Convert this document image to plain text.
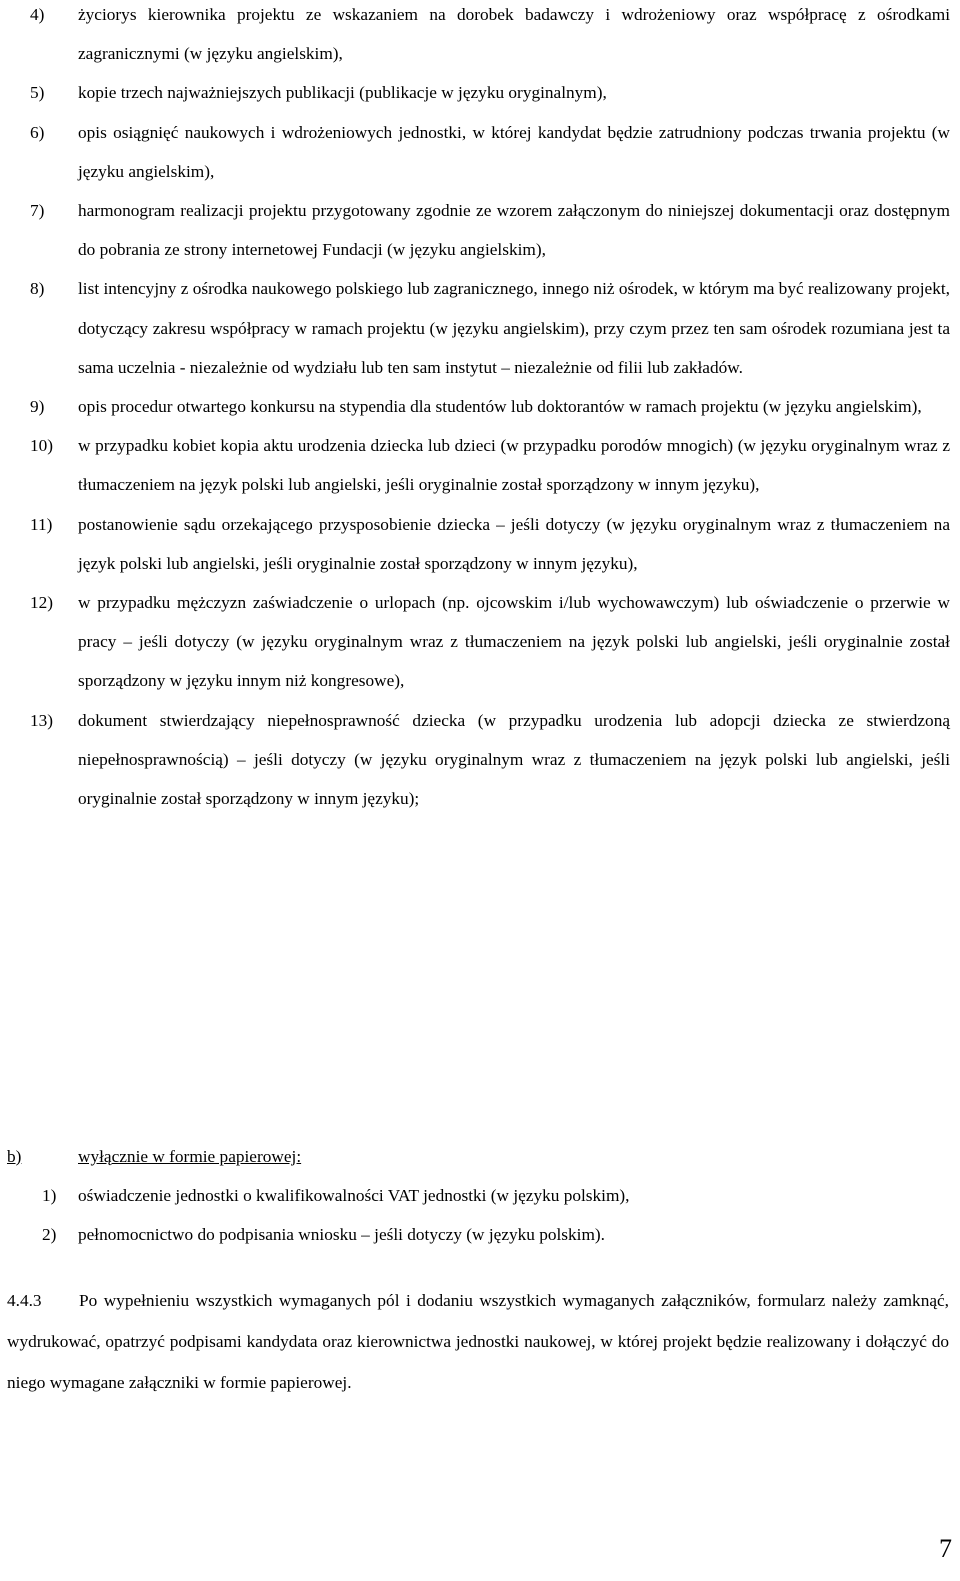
4) życiorys kierownika projektu ze wskazaniem na dorobek badawczy i wdrożeniowy oraz współpracę z ośrodkami zagranicznymi (w języku angielskim),
5) kopie trzech najważniejszych publikacji (publikacje w języku oryginalnym),
6) opis osiągnięć naukowych i wdrożeniowych jednostki, w której kandydat będzie zatrudniony podczas trwania projektu (w języku angielskim),
7) harmonogram realizacji projektu przygotowany zgodnie ze wzorem załączonym do niniejszej dokumentacji oraz dostępnym do pobrania ze strony internetowej Fundacji (w języku angielskim),
8) list intencyjny z ośrodka naukowego polskiego lub zagranicznego, innego niż ośrodek, w którym ma być realizowany projekt, dotyczący zakresu współpracy w ramach projektu (w języku angielskim), przy czym przez ten sam ośrodek rozumiana jest ta sama uczelnia - niezależnie od wydziału lub ten sam instytut – niezależnie od filii lub zakładów.
9) opis procedur otwartego konkursu na stypendia dla studentów lub doktorantów w ramach projektu (w języku angielskim),
10) w przypadku kobiet kopia aktu urodzenia dziecka lub dzieci (w przypadku porodów mnogich) (w języku oryginalnym wraz z tłumaczeniem na język polski lub angielski, jeśli oryginalnie został sporządzony w innym języku),
11) postanowienie sądu orzekającego przysposobienie dziecka – jeśli dotyczy (w języku oryginalnym wraz z tłumaczeniem na język polski lub angielski, jeśli oryginalnie został sporządzony w innym języku),
12) w przypadku mężczyzn zaświadczenie o urlopach (np. ojcowskim i/lub wychowawczym) lub oświadczenie o przerwie w pracy – jeśli dotyczy (w języku oryginalnym wraz z tłumaczeniem na język polski lub angielski, jeśli oryginalnie został sporządzony w języku innym niż kongresowe),
13) dokument stwierdzający niepełnosprawność dziecka (w przypadku urodzenia lub adopcji dziecka ze stwierdzoną niepełnosprawnością) – jeśli dotyczy (w języku oryginalnym wraz z tłumaczeniem na język polski lub angielski, jeśli oryginalnie został sporządzony w innym języku);
b)	wyłącznie w formie papierowej:
1) oświadczenie jednostki o kwalifikowalności VAT jednostki (w języku polskim),
2) pełnomocnictwo do podpisania wniosku – jeśli dotyczy (w języku polskim).

4.4.3 Po wypełnieniu wszystkich wymaganych pól i dodaniu wszystkich wymaganych załączników, formularz należy zamknąć, wydrukować, opatrzyć podpisami kandydata oraz kierownictwa jednostki naukowej, w której projekt będzie realizowany i dołączyć do niego wymagane załączniki w formie papierowej.

7
